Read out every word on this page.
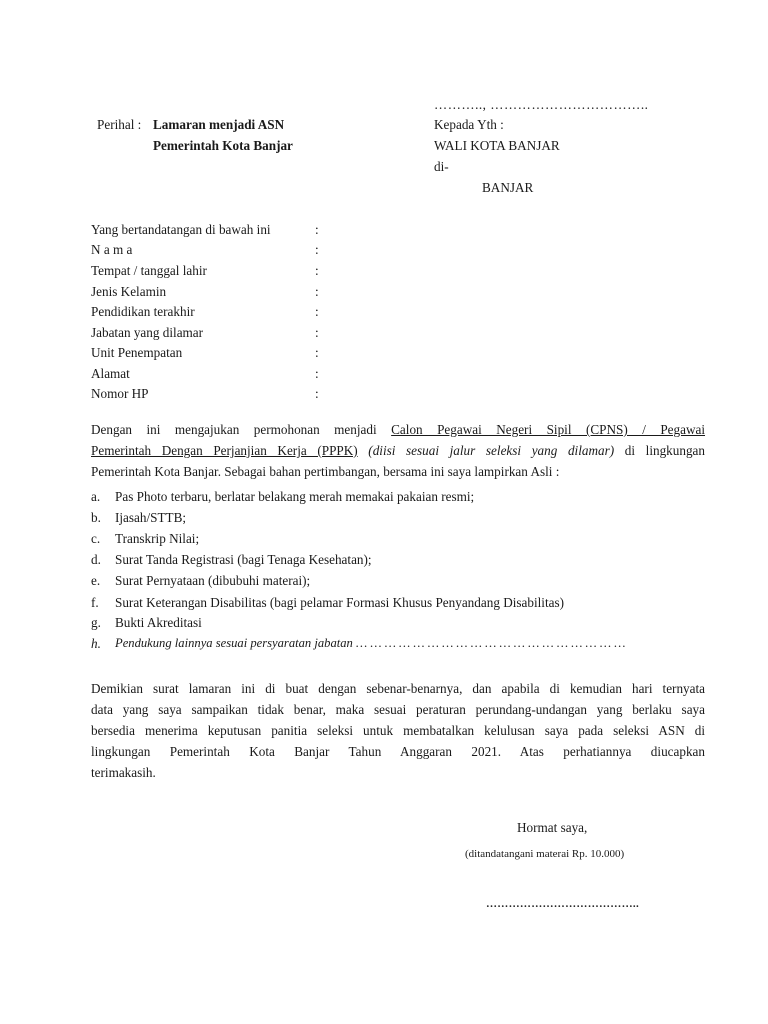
……….., ……………………………..
Perihal : Lamaran menjadi ASN
Pemerintah Kota Banjar
Kepada Yth :
WALI KOTA BANJAR
di-
BANJAR
Yang bertandatangan di bawah ini	:
N a m a	:
Tempat / tanggal lahir	:
Jenis Kelamin	:
Pendidikan terakhir	:
Jabatan yang dilamar	:
Unit Penempatan	:
Alamat	:
Nomor HP	:
Dengan ini mengajukan permohonan menjadi Calon Pegawai Negeri Sipil (CPNS) / Pegawai
Pemerintah Dengan Perjanjian Kerja (PPPK) (diisi sesuai jalur seleksi yang dilamar) di lingkungan
Pemerintah Kota Banjar. Sebagai bahan pertimbangan, bersama ini saya lampirkan Asli :
a. Pas Photo terbaru, berlatar belakang merah memakai pakaian resmi;
b. Ijasah/STTB;
c. Transkrip Nilai;
d. Surat Tanda Registrasi (bagi Tenaga Kesehatan);
e. Surat Pernyataan (dibubuhi materai);
f. Surat Keterangan Disabilitas (bagi pelamar Formasi Khusus Penyandang Disabilitas)
g. Bukti Akreditasi
h. Pendukung lainnya sesuai persyaratan jabatan … … … … … … … … … … … … … … … … … … …
Demikian surat lamaran ini di buat dengan sebenar-benarnya, dan apabila di kemudian hari ternyata
data yang saya sampaikan tidak benar, maka sesuai peraturan perundang-undangan yang berlaku saya
bersedia menerima keputusan panitia seleksi untuk membatalkan kelulusan saya pada seleksi ASN di
lingkungan Pemerintah Kota Banjar Tahun Anggaran 2021. Atas perhatiannya diucapkan
terimakasih.
Hormat saya,
(ditandatangani materai Rp. 10.000)
…………………………………..
